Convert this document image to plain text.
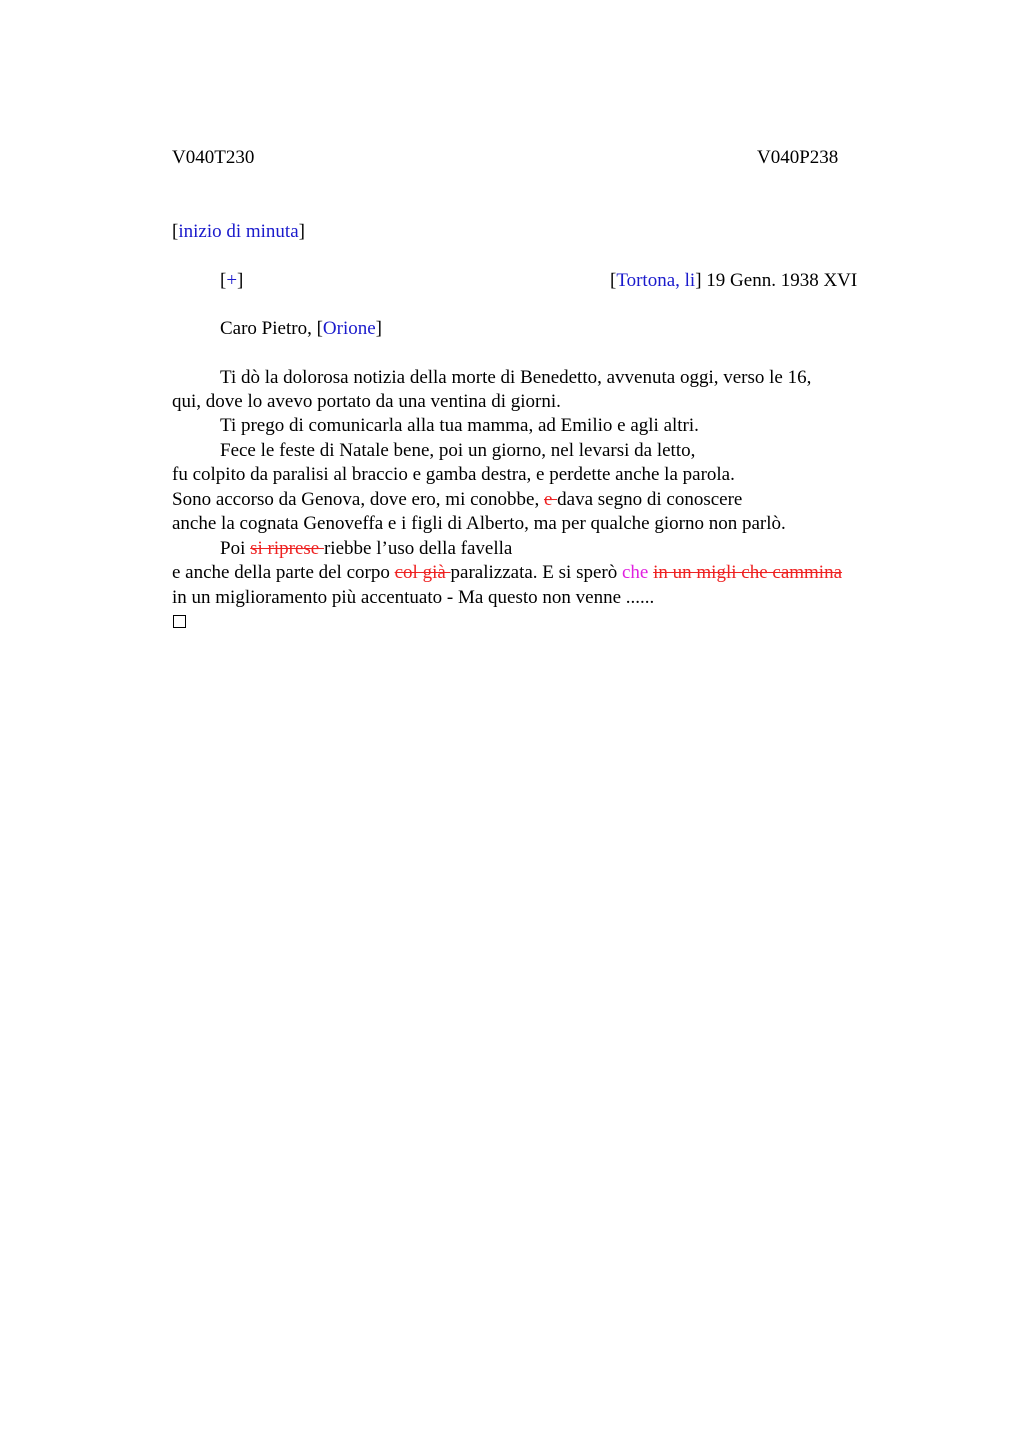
V040T230	V040P238
[inizio di minuta]
[+]	[Tortona, li] 19 Genn. 1938 XVI
Caro Pietro, [Orione]
Ti dò la dolorosa notizia della morte di Benedetto, avvenuta oggi, verso le 16,
qui, dove lo avevo portato da una ventina di giorni.
Ti prego di comunicarla alla tua mamma, ad Emilio e agli altri.
Fece le feste di Natale bene, poi un giorno, nel levarsi da letto,
fu colpito da paralisi al braccio e gamba destra, e perdette anche la parola.
Sono accorso da Genova, dove ero, mi conobbe, e dava segno di conoscere
anche la cognata Genoveffa e i figli di Alberto, ma per qualche giorno non parlò.
Poi si riprese riebbe l’uso della favella
e anche della parte del corpo col già paralizzata. E si sperò che in un migli che cammina
in un miglioramento più accentuato - Ma questo non venne ......
